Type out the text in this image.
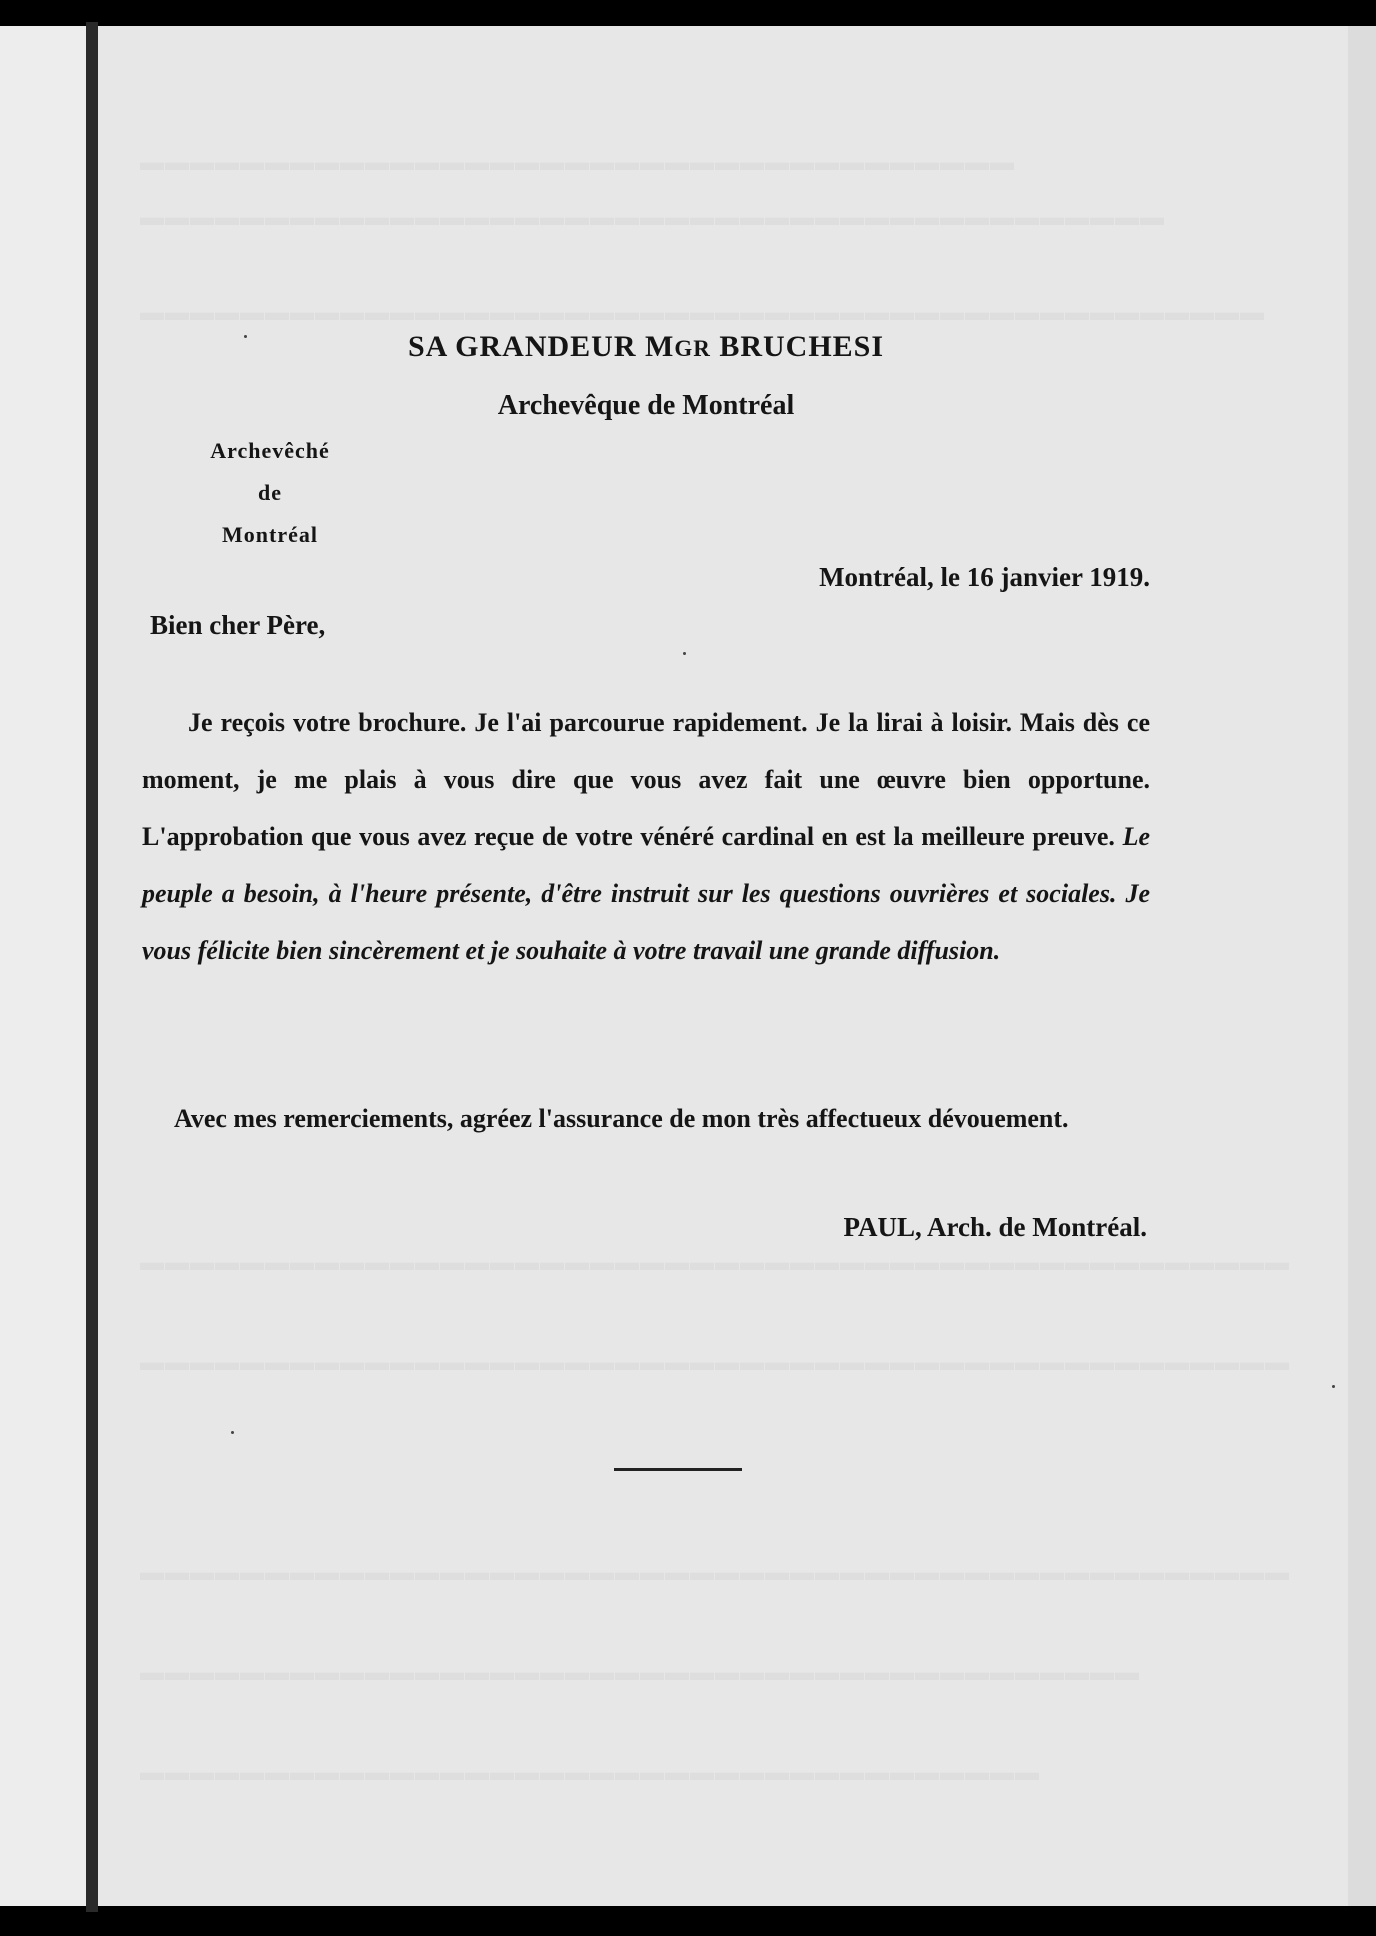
▬▬▬▬▬▬▬▬▬▬▬▬▬▬▬▬▬▬▬▬▬▬▬▬▬▬▬▬▬▬▬▬▬▬▬
▬▬▬▬▬▬▬▬▬▬▬▬▬▬▬▬▬▬▬▬▬▬▬▬▬▬▬▬▬▬▬▬▬▬▬▬▬▬▬▬▬
▬▬▬▬▬▬▬▬▬▬▬▬▬▬▬▬▬▬▬▬▬▬▬▬▬▬▬▬▬▬▬▬▬▬▬▬▬▬▬▬▬▬▬▬▬
▬▬▬▬▬▬▬▬▬▬▬▬▬▬▬▬▬▬▬▬▬▬▬▬▬▬▬▬▬▬▬▬▬▬▬▬▬▬▬▬▬▬▬▬▬▬
▬▬▬▬▬▬▬▬▬▬▬▬▬▬▬▬▬▬▬▬▬▬▬▬▬▬▬▬▬▬▬▬▬▬▬▬▬▬▬▬▬▬▬▬▬▬
▬▬▬▬▬▬▬▬▬▬▬▬▬▬▬▬▬▬▬▬▬▬▬▬▬▬▬▬▬▬▬▬▬▬▬▬▬▬▬▬▬▬▬▬▬▬
▬▬▬▬▬▬▬▬▬▬▬▬▬▬▬▬▬▬▬▬▬▬▬▬▬▬▬▬▬▬▬▬▬▬▬▬▬▬▬▬
▬▬▬▬▬▬▬▬▬▬▬▬▬▬▬▬▬▬▬▬▬▬▬▬▬▬▬▬▬▬▬▬▬▬▬▬
SA GRANDEUR MGR BRUCHESI
Archevêque de Montréal
Archevêché
de
Montréal
Montréal, le 16 janvier 1919.
Bien cher Père,
Je reçois votre brochure. Je l'ai parcourue rapidement. Je la lirai à loisir. Mais dès ce moment, je me plais à vous dire que vous avez fait une œuvre bien opportune. L'approbation que vous avez reçue de votre vénéré cardinal en est la meilleure preuve. Le peuple a besoin, à l'heure présente, d'être instruit sur les questions ouvrières et sociales. Je vous félicite bien sincèrement et je souhaite à votre travail une grande diffusion.
Avec mes remerciements, agréez l'assurance de mon très affectueux dévouement.
PAUL, Arch. de Montréal.
